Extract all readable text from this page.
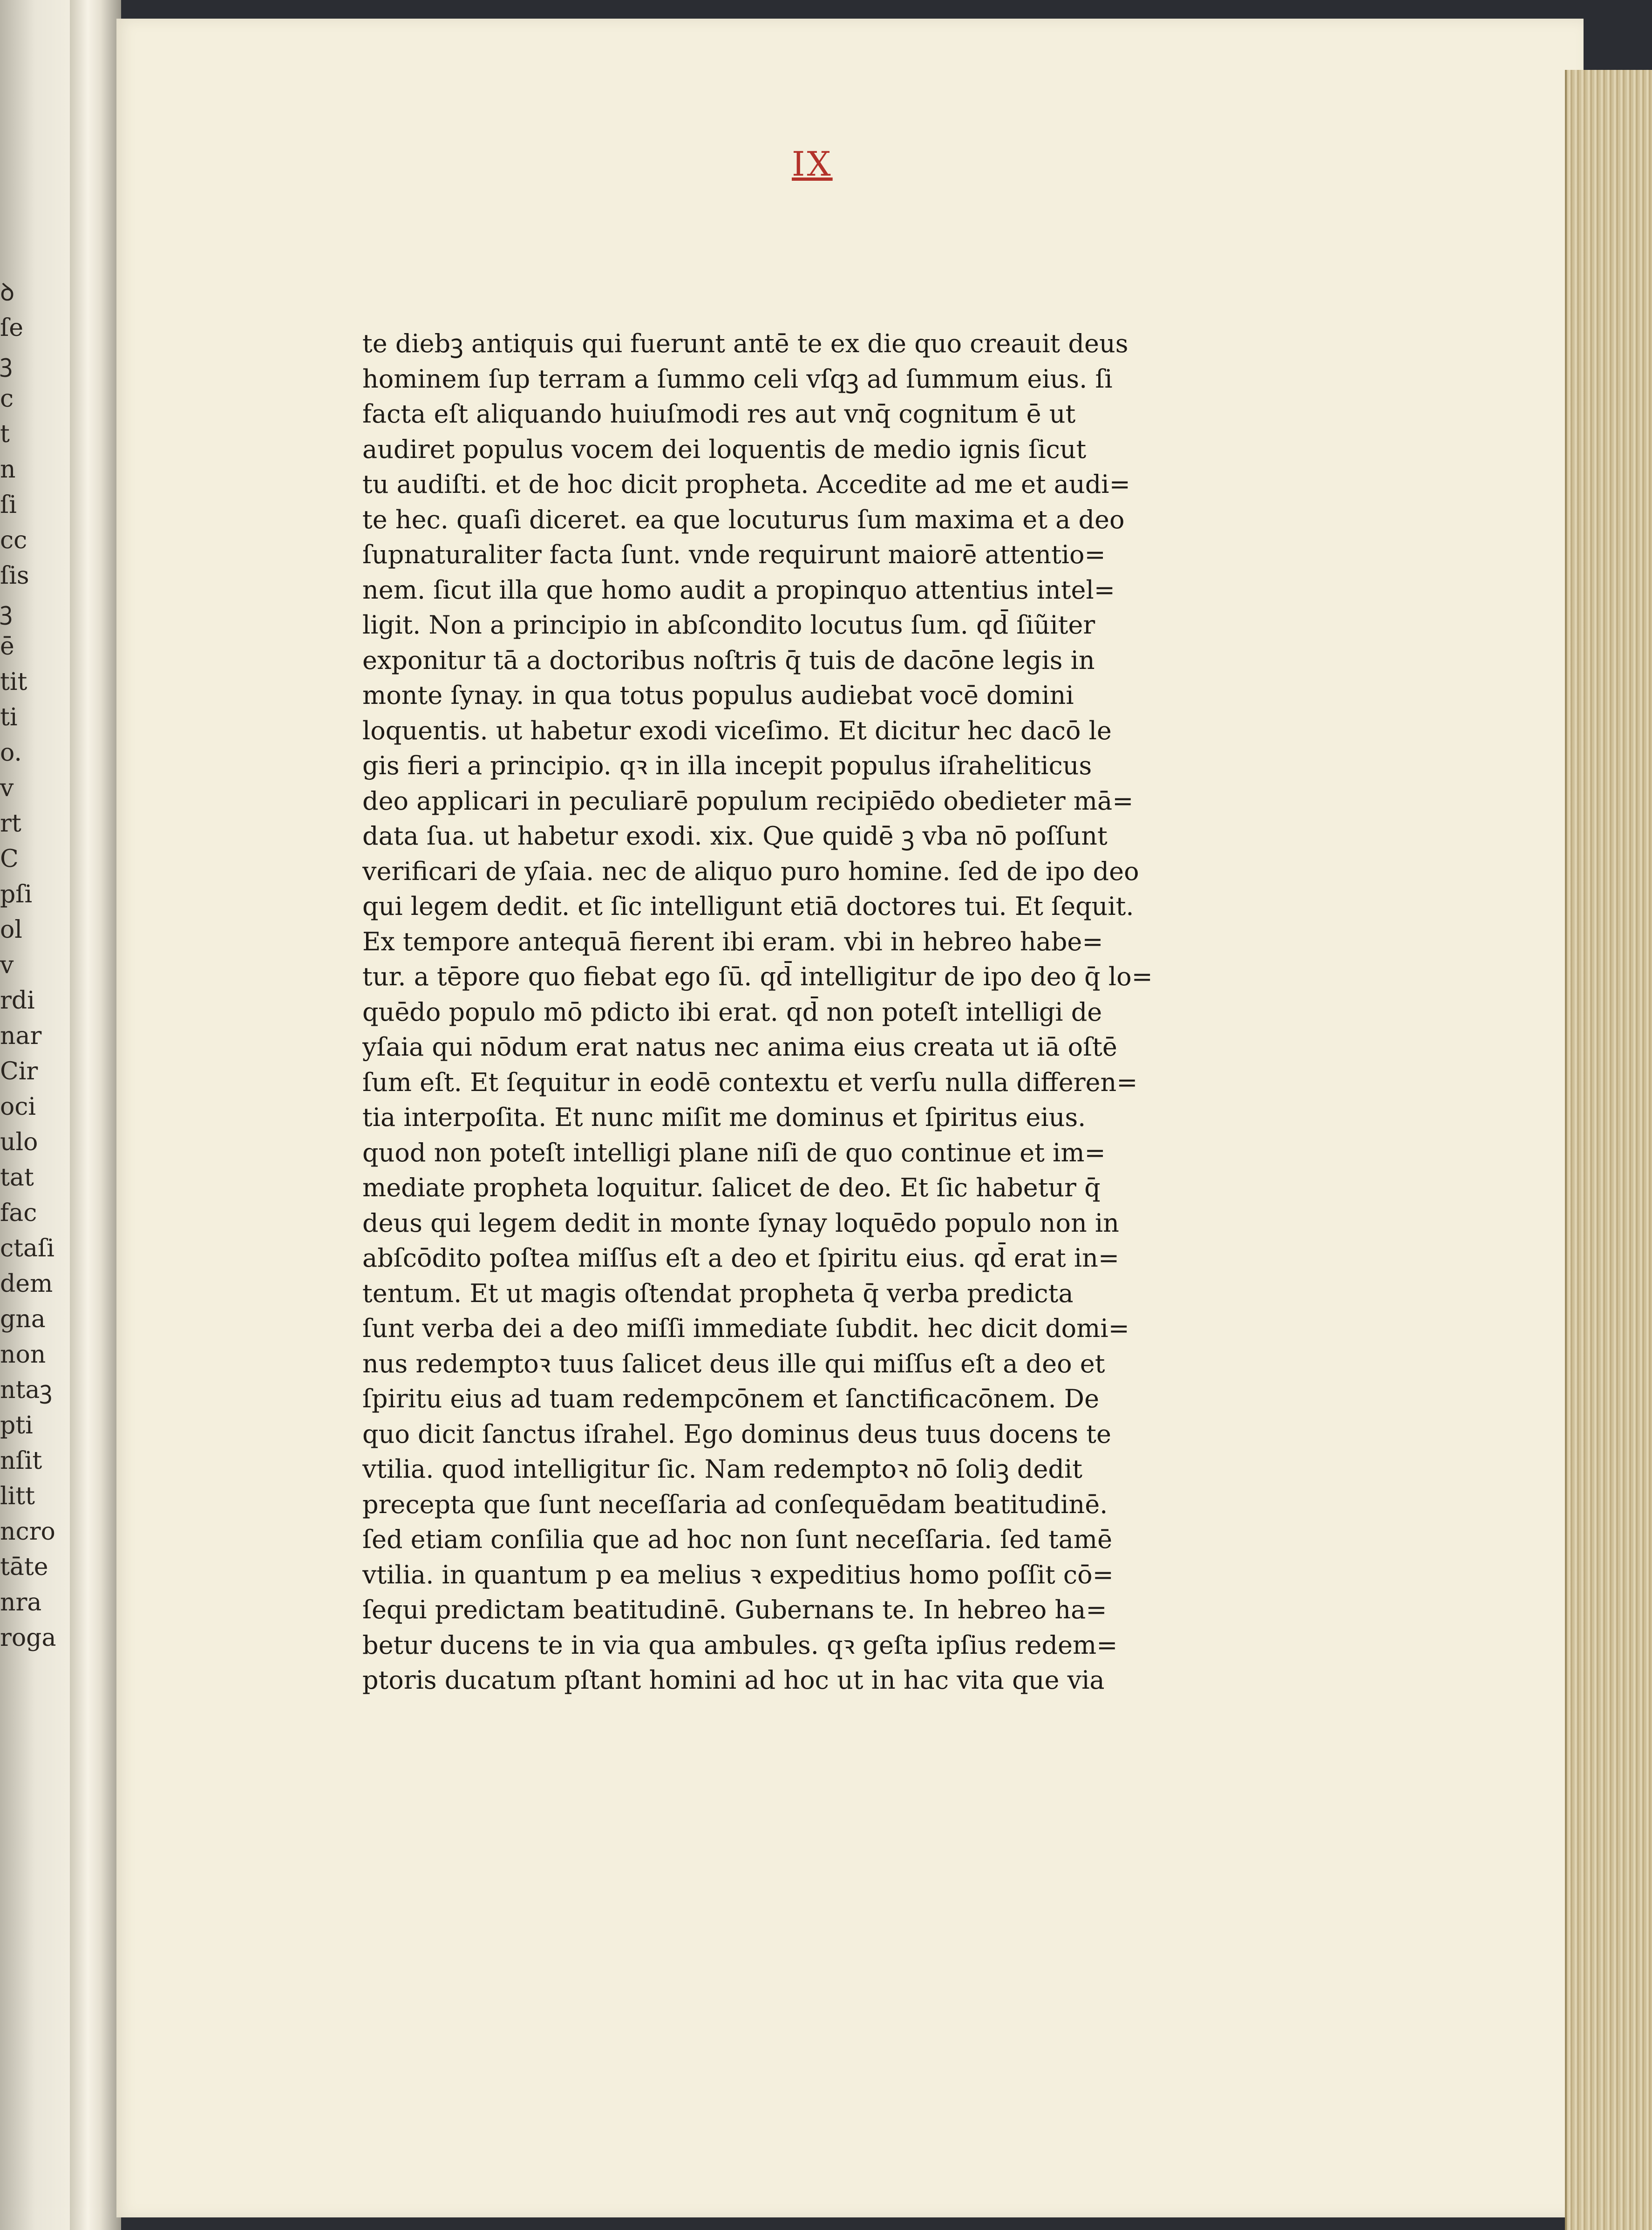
ꝺ
ſe
ꝫ
c
t
n
ſi
cc
ſis
ꝫ
ē
tit
ti
o.
v
rt
C
pſi
ol
v
rdi
nar
Cir
oci
ulo
tat
fac
ctaſi
dem
gna
non
ntaꝫ
pti
nſit
litt
ncro
tāte
nra
roga
IX
te diebꝫ antiquis qui fuerunt antē te ex die quo creauit deus
hominem ſup terram a ſummo celi vſqꝫ ad ſummum eius. ſi
facta eſt aliquando huiuſmodi res aut vnq̄ cognitum ē ut
audiret populus vocem dei loquentis de medio ignis ſicut
tu audiſti. et de hoc dicit propheta. Accedite ad me et audi=
te hec. quaſi diceret. ea que locuturus ſum maxima et a deo
ſupnaturaliter facta ſunt. vnde requirunt maiorē attentio=
nem. ſicut illa que homo audit a propinquo attentius intel=
ligit. Non a principio in abſcondito locutus ſum. qd̄ ſiũiter
exponitur tā a doctoribus noſtris q̄ tuis de dacōne legis in
monte ſynay. in qua totus populus audiebat vocē domini
loquentis. ut habetur exodi viceſimo. Et dicitur hec dacō le
gis fieri a principio. qꝛ in illa incepit populus iſraheliticus
deo applicari in peculiarē populum recipiēdo obedieter mā=
data ſua. ut habetur exodi. xix. Que quidē ꝫ vba nō poſſunt
verificari de yſaia. nec de aliquo puro homine. ſed de ipo deo
qui legem dedit. et ſic intelligunt etiā doctores tui. Et ſequit.
Ex tempore antequā fierent ibi eram. vbi in hebreo habe=
tur. a tēpore quo fiebat ego ſū. qd̄ intelligitur de ipo deo q̄ lo=
quēdo populo mō pdicto ibi erat. qd̄ non poteſt intelligi de
yſaia qui nōdum erat natus nec anima eius creata ut iā oſtē
ſum eſt. Et ſequitur in eodē contextu et verſu nulla differen=
tia interpoſita. Et nunc miſit me dominus et ſpiritus eius.
quod non poteſt intelligi plane niſi de quo continue et im=
mediate propheta loquitur. ſalicet de deo. Et ſic habetur q̄
deus qui legem dedit in monte ſynay loquēdo populo non in
abſcōdito poſtea miſſus eſt a deo et ſpiritu eius. qd̄ erat in=
tentum. Et ut magis oſtendat propheta q̄ verba predicta
ſunt verba dei a deo miſſi immediate ſubdit. hec dicit domi=
nus redemptoꝛ tuus ſalicet deus ille qui miſſus eſt a deo et
ſpiritu eius ad tuam redempcōnem et ſanctificacōnem. De
quo dicit ſanctus iſrahel. Ego dominus deus tuus docens te
vtilia. quod intelligitur ſic. Nam redemptoꝛ nō ſoliꝫ dedit
precepta que ſunt neceſſaria ad conſequēdam beatitudinē.
ſed etiam conſilia que ad hoc non ſunt neceſſaria. ſed tamē
vtilia. in quantum p ea melius ꝛ expeditius homo poſſit cō=
ſequi predictam beatitudinē. Gubernans te. In hebreo ha=
betur ducens te in via qua ambules. qꝛ geſta ipſius redem=
ptoris ducatum pſtant homini ad hoc ut in hac vita que via
